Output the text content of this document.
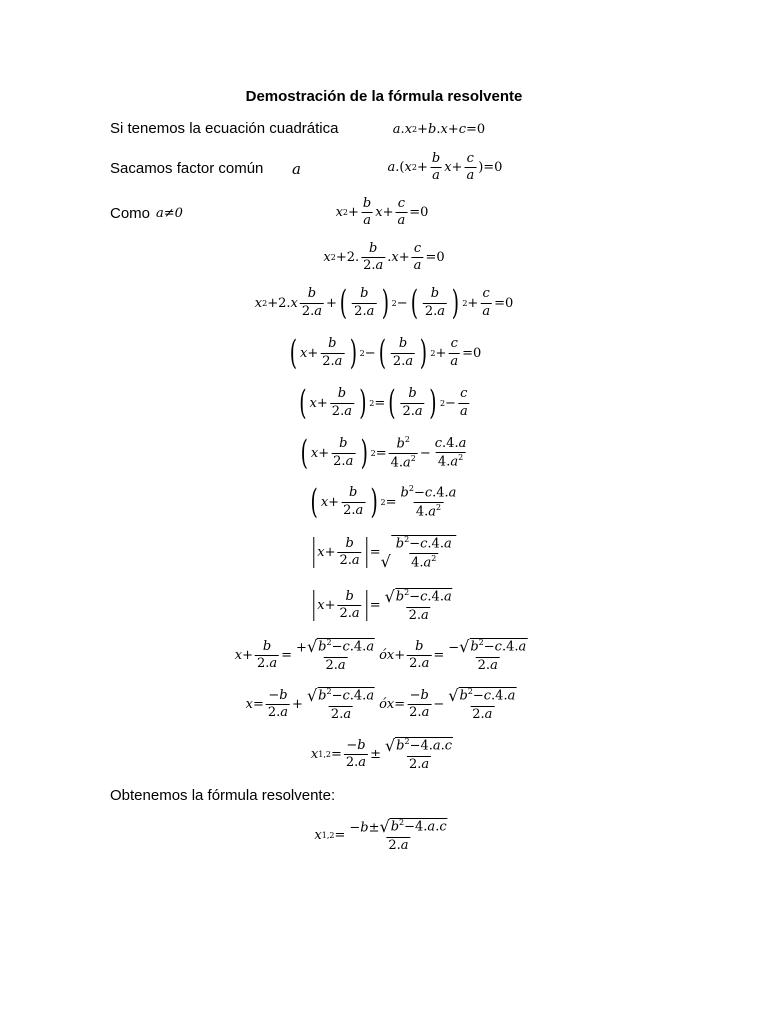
Demostración de la fórmula resolvente
Si tenemos la ecuación cuadrática
Sacamos factor común a
Como a≠0
Obtenemos la fórmula resolvente:
a . x 2 + b . x + c =0
a .( x 2 +
b
a
x +
c
a
)=0
x 2 +
b
a
x +
c
a
=0
x 2 +2.
b
2.a
. x +
c
a
=0
x 2 +2. x
b
2.a
+ ( b
2.a ) 2 − ( b
2.a ) 2 +
c
a
=0
( x +
b
2.a ) 2 − ( b
2.a ) 2 +
c
a
=0
( x +
b
2.a ) 2 = ( b
2.a ) 2 −
c
a
( x +
b
2.a ) 2 =
$b^2$
$4.a^2$ −
c.4.a
$4.a^2$
( x +
b
2.a ) 2 =
$b^2-c.4.a$
$4.a^2$
x +
b
2.a
= √ $\frac{b^2-c.4.a}{4.a^2}$
x +
b
2.a
= √ $b^2-c.4.a$
2.a
x +
b
2.a
= + √ $b^2-c.4.a$
2.a
ó x +
b
2.a
= − √ $b^2-c.4.a$
2.a
x =
−b
2.a
+ √ $b^2-c.4.a$
2.a
ó x =
−b
2.a
− √ $b^2-c.4.a$
2.a
x 1,2 =
−b
2.a
± √ $b^2-4.a.c$
2.a
x 1,2 = −b± √ $b^2-4.a.c$
2.a
